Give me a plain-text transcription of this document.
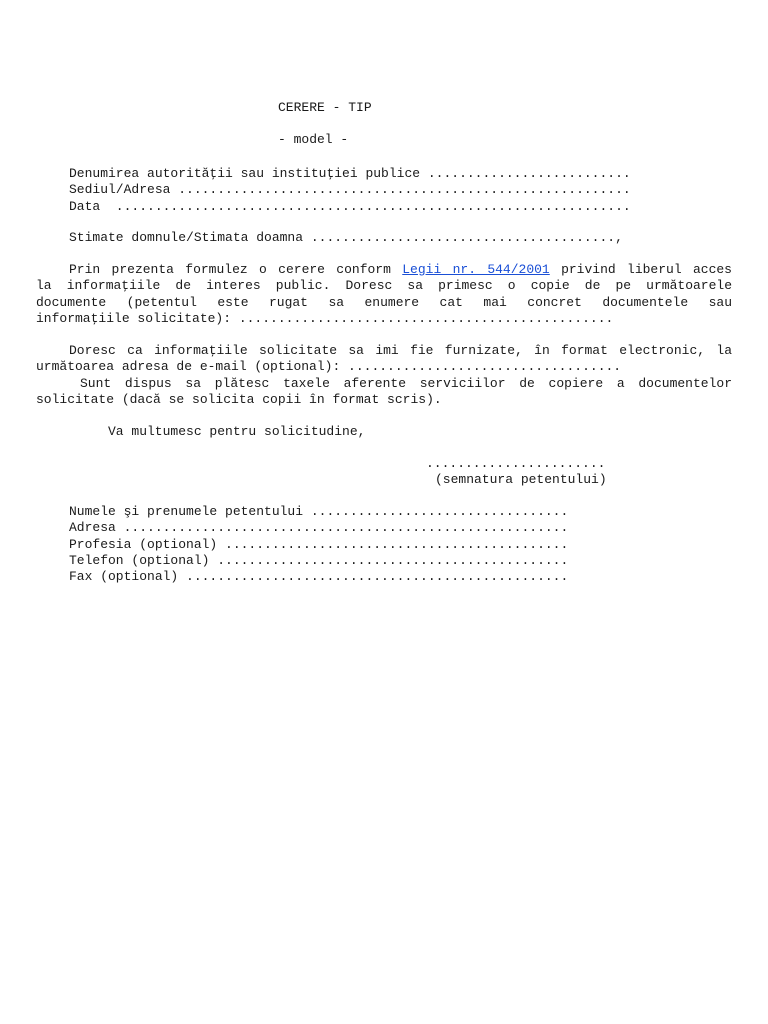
CERERE - TIP
- model -
Denumirea autorităţii sau instituţiei publice ..........................
Sediul/Adresa ..........................................................
Data  ..................................................................
Stimate domnule/Stimata doamna .......................................,
Prin prezenta formulez o cerere conform Legii nr. 544/2001 privind liberul acces
la informaţiile de interes public. Doresc sa primesc o copie de pe următoarele
documente (petentul este rugat sa enumere cat mai concret documentele sau
informaţiile solicitate): ................................................
Doresc ca informaţiile solicitate sa imi fie furnizate, în format electronic, la
următoarea adresa de e-mail (optional): ...................................
Sunt dispus sa plătesc taxele aferente serviciilor de copiere a documentelor
solicitate (dacă se solicita copii în format scris).
Va multumesc pentru solicitudine,
.......................
(semnatura petentului)
Numele şi prenumele petentului .................................
Adresa .........................................................
Profesia (optional) ............................................
Telefon (optional) .............................................
Fax (optional) .................................................
